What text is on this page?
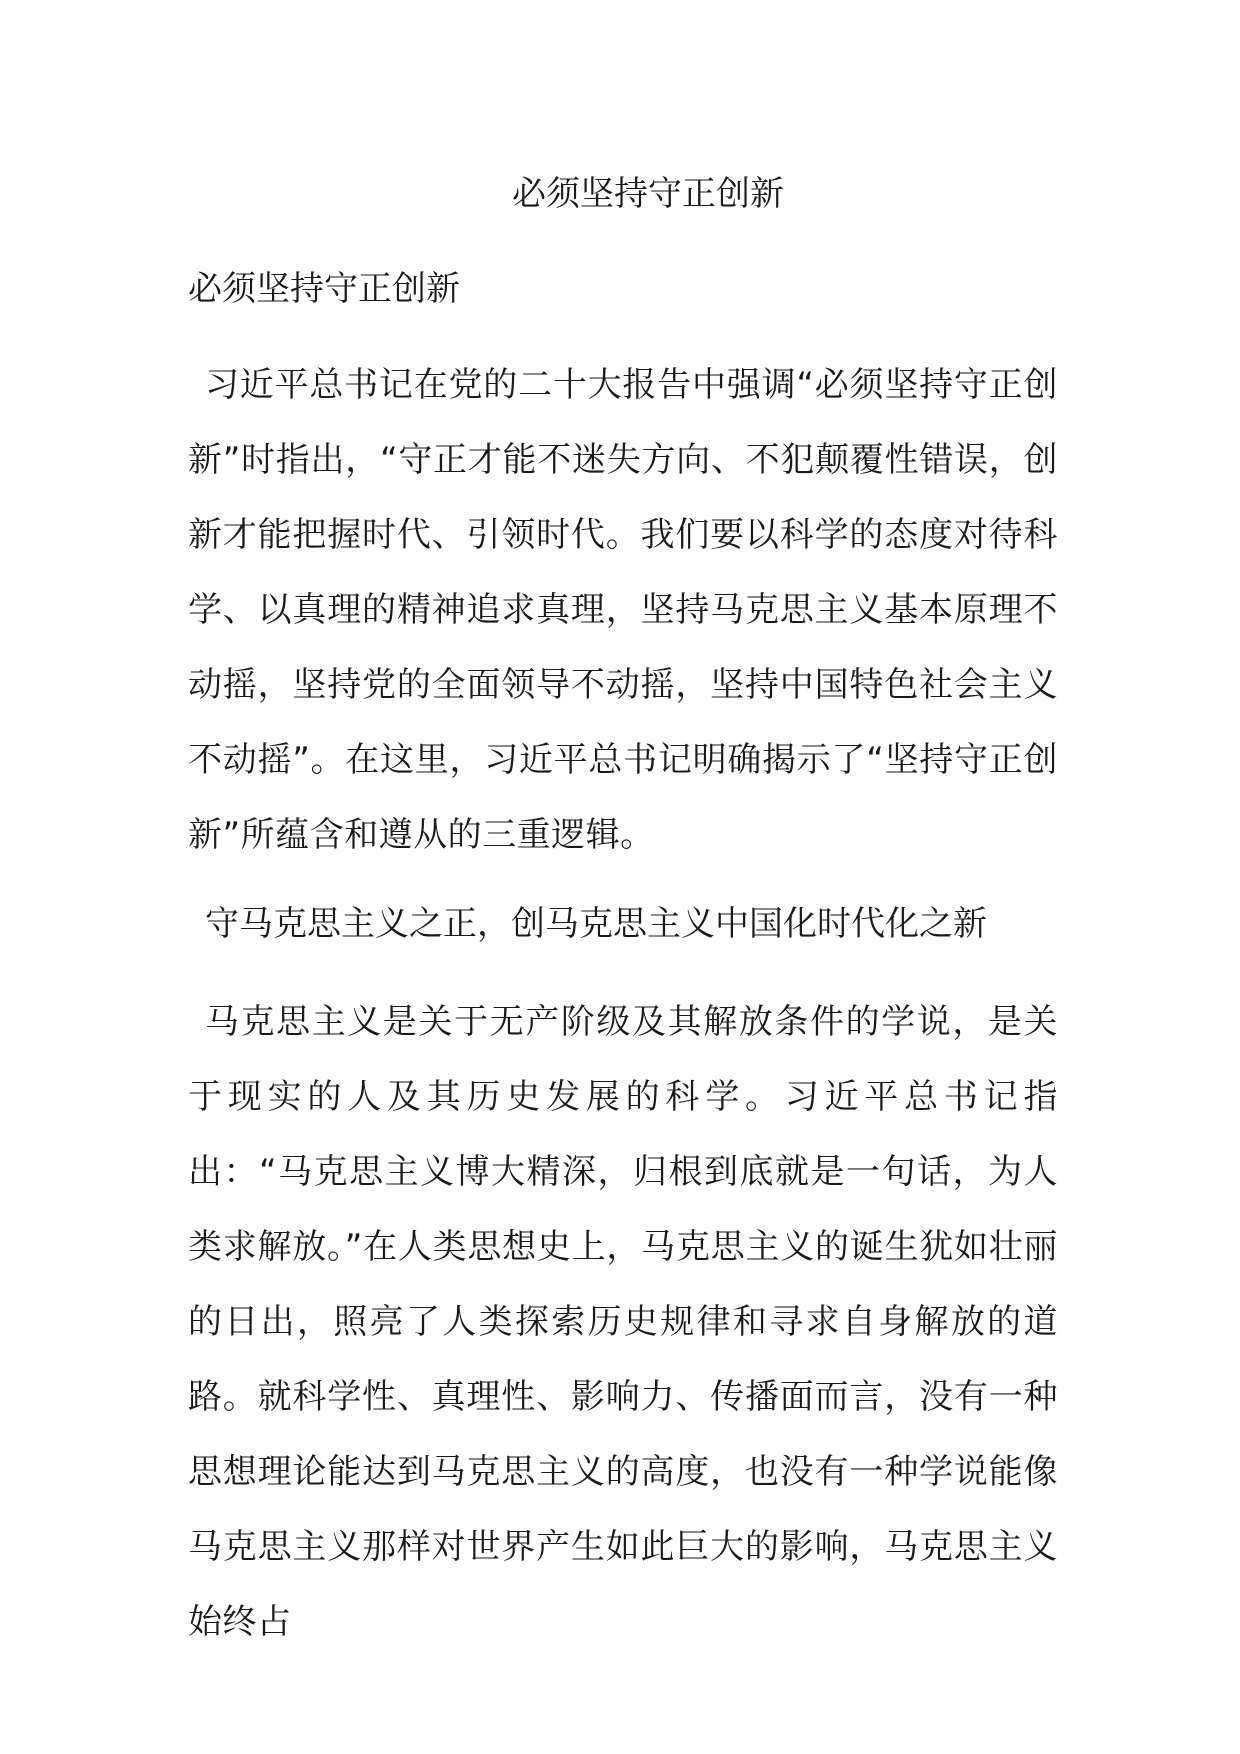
必须坚持守正创新
必须坚持守正创新

习近平总书记在党的二十大报告中强调“必须坚持守正创新”时指出，“守正才能不迷失方向、不犯颠覆性错误，创新才能把握时代、引领时代。我们要以科学的态度对待科学、以真理的精神追求真理，坚持马克思主义基本原理不动摇，坚持党的全面领导不动摇，坚持中国特色社会主义不动摇”。在这里，习近平总书记明确揭示了“坚持守正创新”所蕴含和遵从的三重逻辑。

守马克思主义之正，创马克思主义中国化时代化之新

马克思主义是关于无产阶级及其解放条件的学说，是关于现实的人及其历史发展的科学。习近平总书记指出：“马克思主义博大精深，归根到底就是一句话，为人类求解放。”在人类思想史上，马克思主义的诞生犹如壮丽的日出，照亮了人类探索历史规律和寻求自身解放的道路。就科学性、真理性、影响力、传播面而言，没有一种思想理论能达到马克思主义的高度，也没有一种学说能像马克思主义那样对世界产生如此巨大的影响，马克思主义始终占
